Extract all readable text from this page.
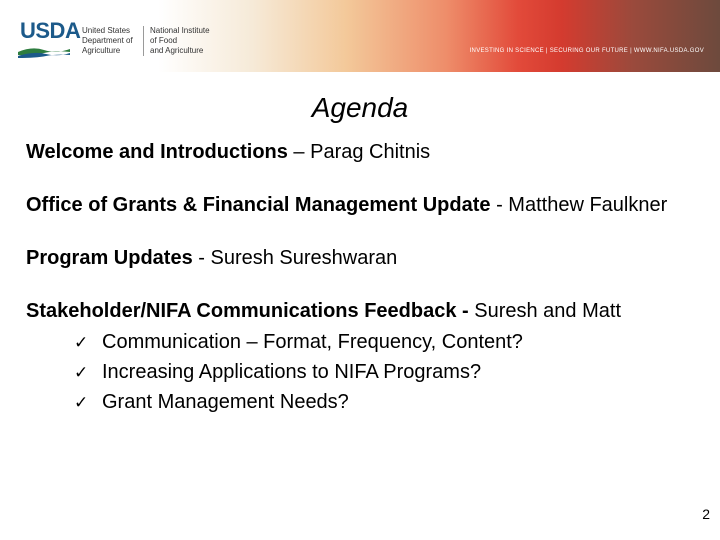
USDA United States
Department of
Agriculture
National Institute
of Food
and Agriculture	INVESTING IN SCIENCE | SECURING OUR FUTURE | WWW.NIFA.USDA.GOV
Agenda
Welcome and Introductions – Parag Chitnis
Office of Grants & Financial Management Update - Matthew Faulkner
Program Updates - Suresh Sureshwaran
Stakeholder/NIFA Communications Feedback - Suresh and Matt
✓ Communication – Format, Frequency, Content?
✓ Increasing Applications to NIFA Programs?
✓ Grant Management Needs?
2
